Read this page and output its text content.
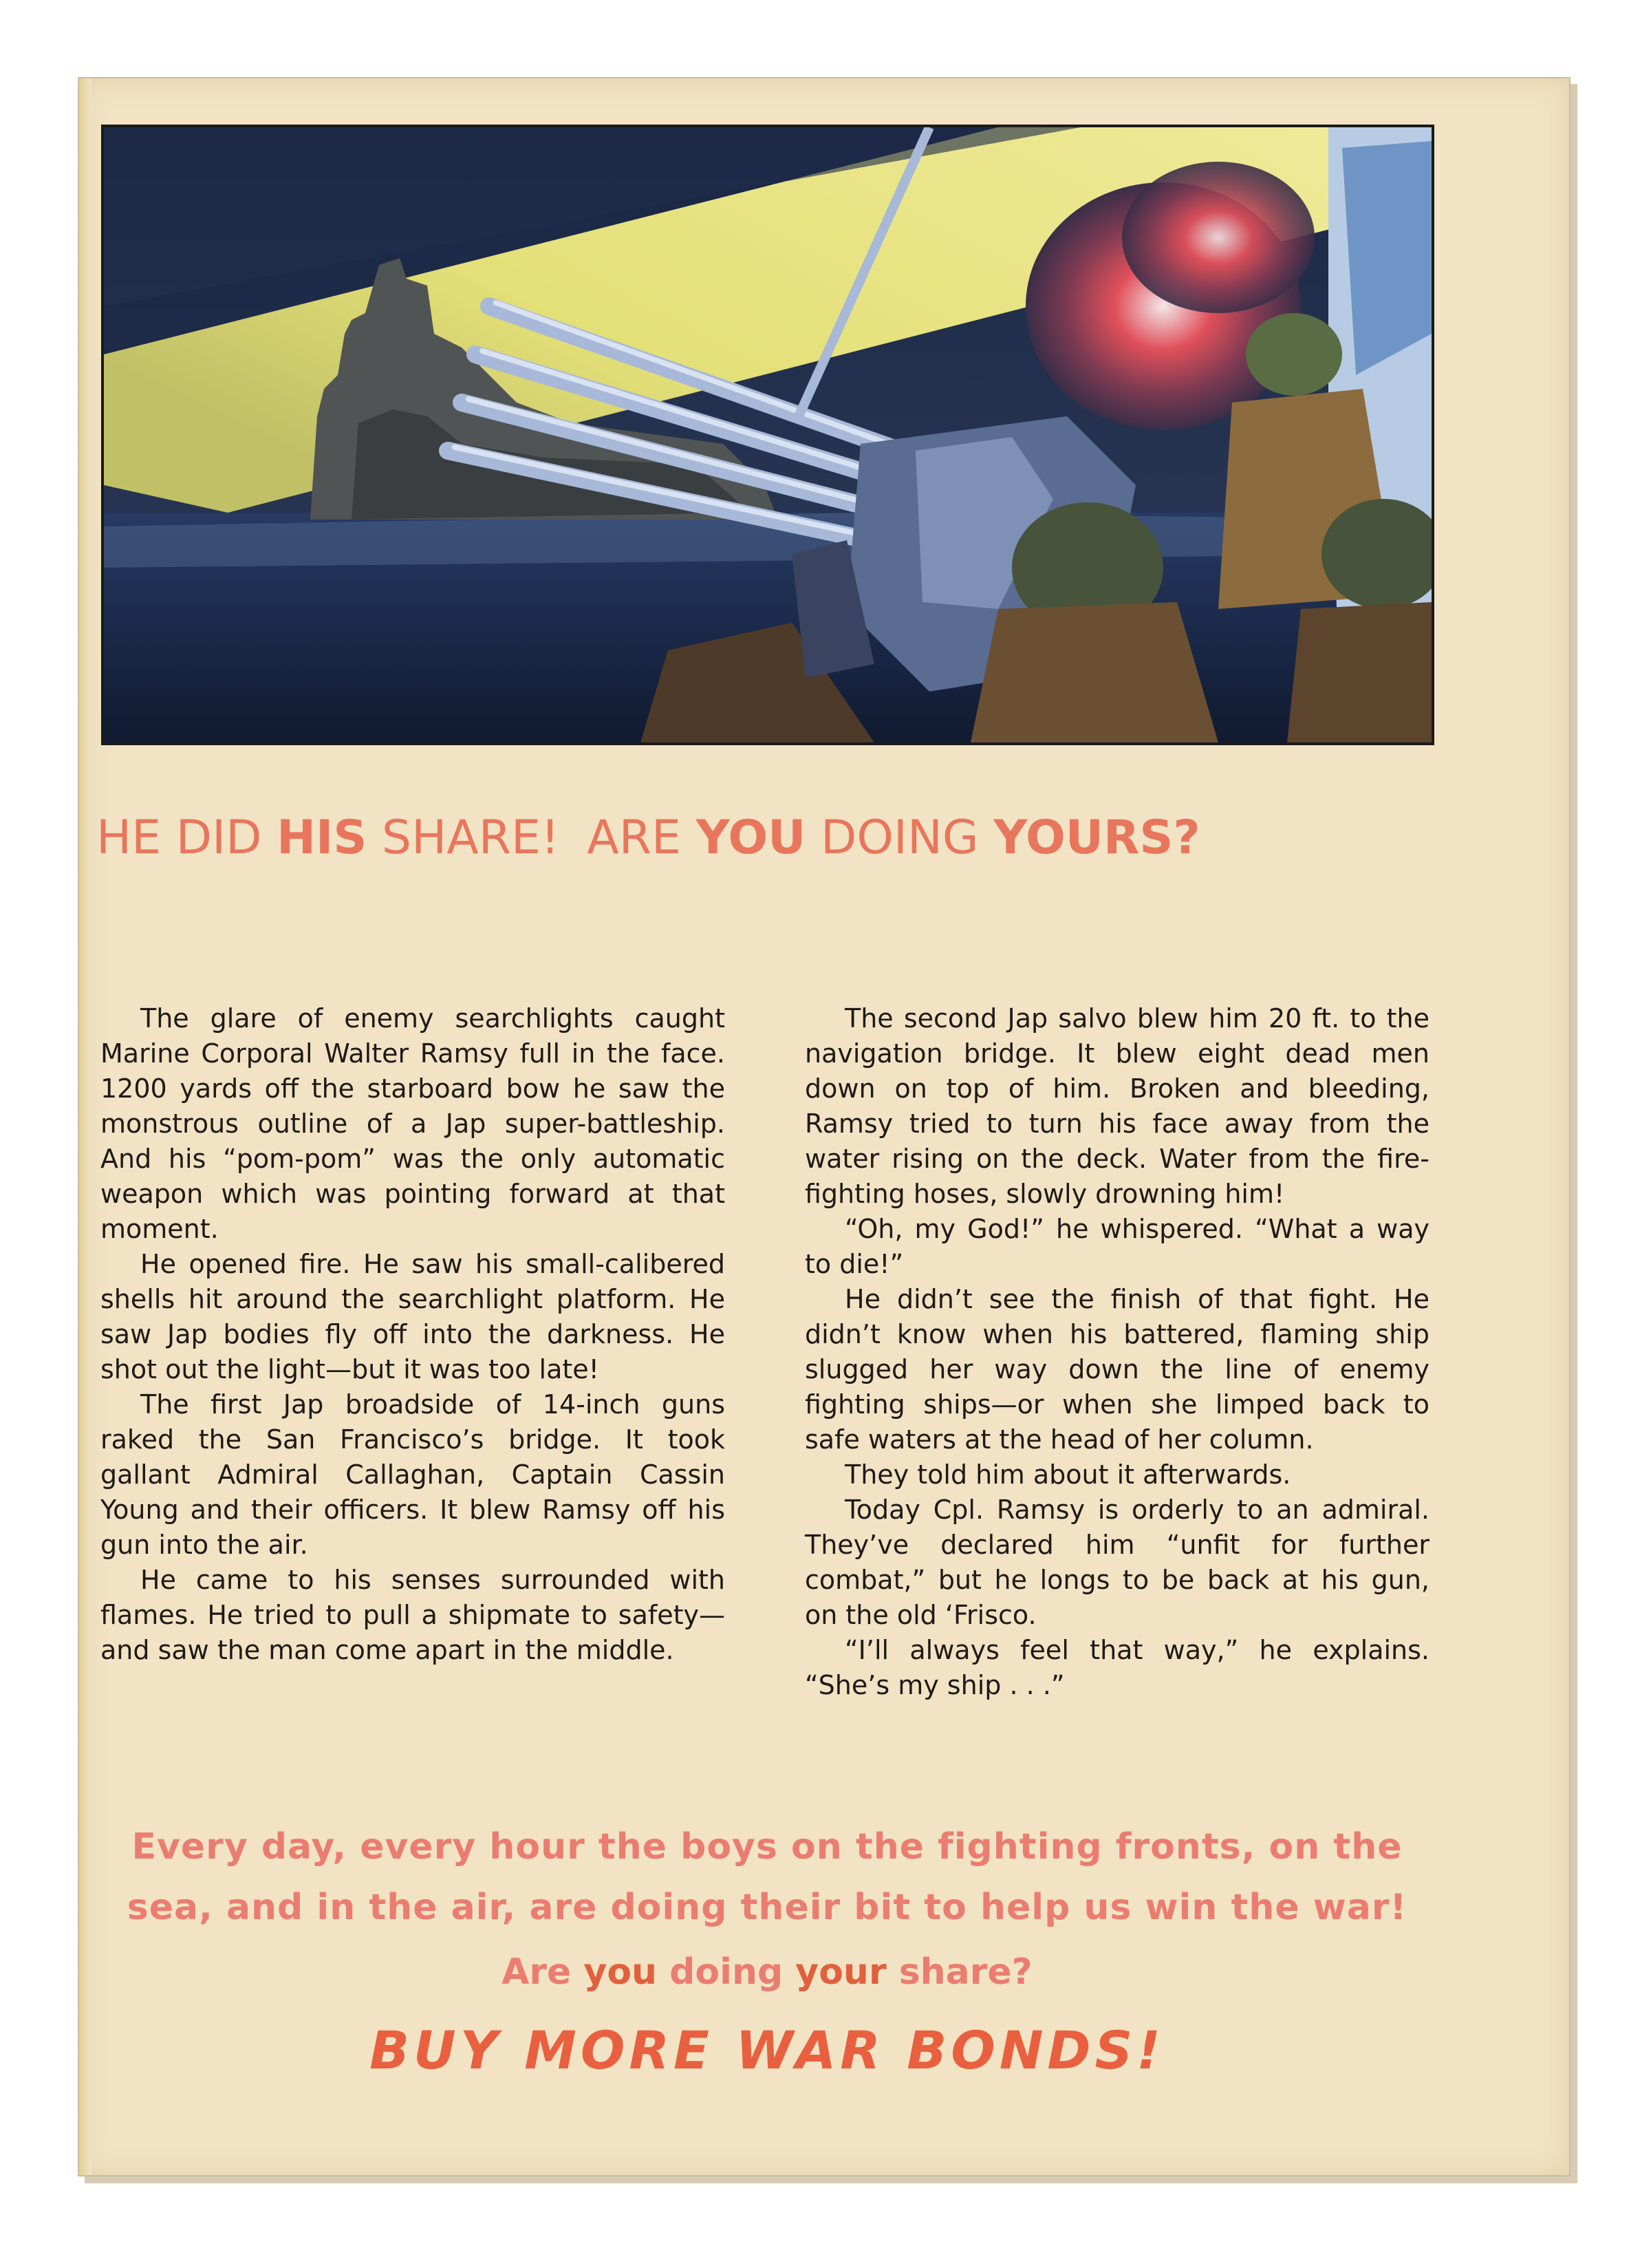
HE DID HIS SHARE! ARE YOU DOING YOURS?

The glare of enemy searchlights caught Marine Corporal Walter Ramsy full in the face. 1200 yards off the starboard bow he saw the monstrous outline of a Jap super-battleship. And his “pom-pom” was the only automatic weapon which was pointing forward at that moment.

He opened fire. He saw his small-calibered shells hit around the searchlight platform. He saw Jap bodies fly off into the darkness. He shot out the light—but it was too late!

The first Jap broadside of 14-inch guns raked the San Francisco’s bridge. It took gallant Admiral Callaghan, Captain Cassin Young and their officers. It blew Ramsy off his gun into the air.

He came to his senses surrounded with flames. He tried to pull a shipmate to safety—and saw the man come apart in the middle.

The second Jap salvo blew him 20 ft. to the navigation bridge. It blew eight dead men down on top of him. Broken and bleeding, Ramsy tried to turn his face away from the water rising on the deck. Water from the fire-fighting hoses, slowly drowning him!

“Oh, my God!” he whispered. “What a way to die!”

He didn’t see the finish of that fight. He didn’t know when his battered, flaming ship slugged her way down the line of enemy fighting ships—or when she limped back to safe waters at the head of her column.

They told him about it afterwards.

Today Cpl. Ramsy is orderly to an admiral. They’ve declared him “unfit for further combat,” but he longs to be back at his gun, on the old ‘Frisco.

“I’ll always feel that way,” he explains. “She’s my ship . . .”

Every day, every hour the boys on the fighting fronts, on the sea, and in the air, are doing their bit to help us win the war!

Are you doing your share?

BUY MORE WAR BONDS!
